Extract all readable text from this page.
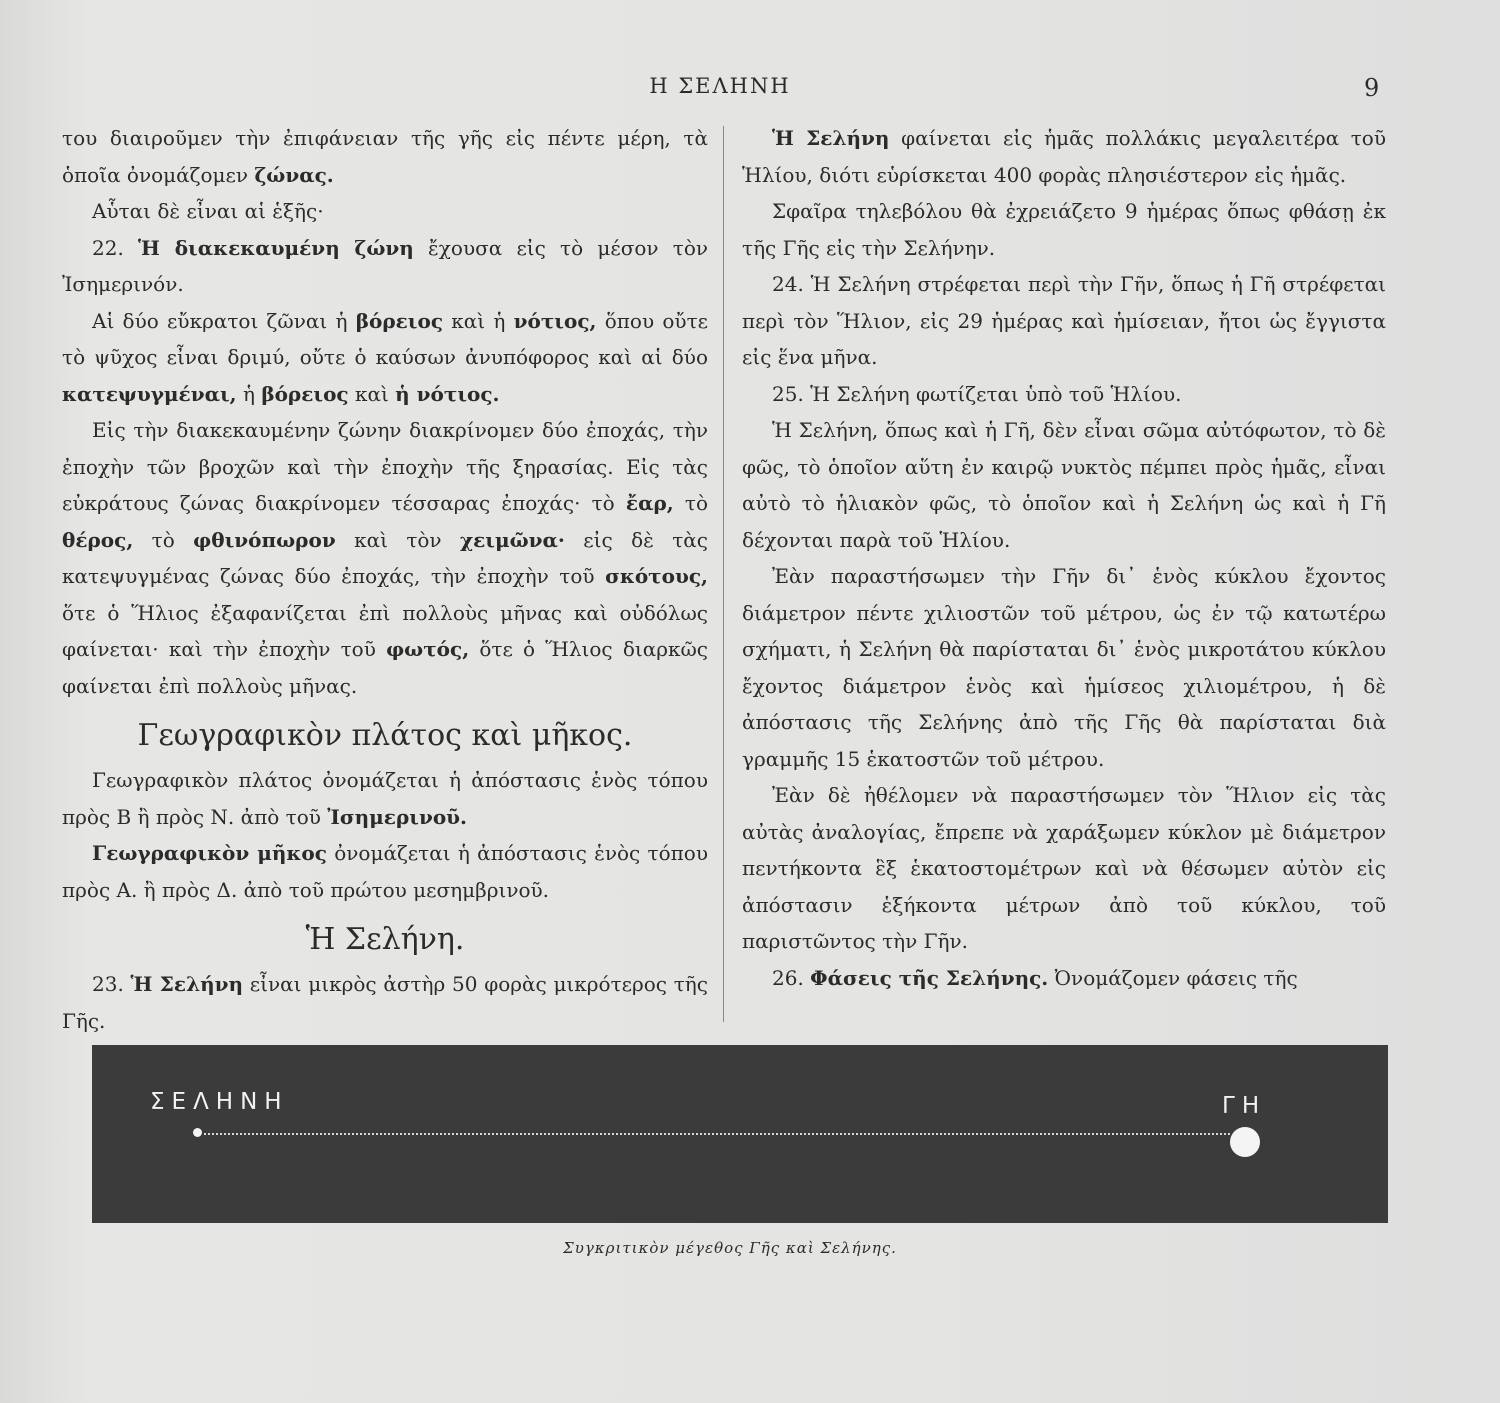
Η ΣΕΛΗΝΗ	9

του διαιροῦμεν τὴν ἐπιφάνειαν τῆς γῆς εἰς πέντε μέρη, τὰ ὁποῖα ὀνομάζομεν ζώνας.

Αὗται δὲ εἶναι αἱ ἑξῆς·

22. Ἡ διακεκαυμένη ζώνη ἔχουσα εἰς τὸ μέσον τὸν Ἰσημερινόν.

Αἱ δύο εὔκρατοι ζῶναι ἡ βόρειος καὶ ἡ νότιος, ὅπου οὔτε τὸ ψῦχος εἶναι δριμύ, οὔτε ὁ καύσων ἀνυπόφορος καὶ αἱ δύο κατεψυγμέναι, ἡ βόρειος καὶ ἡ νότιος.

Εἰς τὴν διακεκαυμένην ζώνην διακρίνομεν δύο ἐποχάς, τὴν ἐποχὴν τῶν βροχῶν καὶ τὴν ἐποχὴν τῆς ξηρασίας. Εἰς τὰς εὐκράτους ζώνας διακρίνομεν τέσσαρας ἐποχάς· τὸ ἔαρ, τὸ θέρος, τὸ φθινόπωρον καὶ τὸν χειμῶνα· εἰς δὲ τὰς κατεψυγμένας ζώνας δύο ἐποχάς, τὴν ἐποχὴν τοῦ σκότους, ὅτε ὁ Ἥλιος ἐξαφανίζεται ἐπὶ πολλοὺς μῆνας καὶ οὐδόλως φαίνεται· καὶ τὴν ἐποχὴν τοῦ φωτός, ὅτε ὁ Ἥλιος διαρκῶς φαίνεται ἐπὶ πολλοὺς μῆνας.

Γεωγραφικὸν πλάτος καὶ μῆκος.

Γεωγραφικὸν πλάτος ὀνομάζεται ἡ ἀπόστασις ἑνὸς τόπου πρὸς Β ἢ πρὸς Ν. ἀπὸ τοῦ Ἰσημερινοῦ.

Γεωγραφικὸν μῆκος ὀνομάζεται ἡ ἀπόστασις ἑνὸς τόπου πρὸς Α. ἢ πρὸς Δ. ἀπὸ τοῦ πρώτου μεσημβρινοῦ.

Ἡ Σελήνη.

23. Ἡ Σελήνη εἶναι μικρὸς ἀστὴρ 50 φορὰς μικρότερος τῆς Γῆς.

Ἡ Σελήνη φαίνεται εἰς ἡμᾶς πολλάκις μεγαλειτέρα τοῦ Ἡλίου, διότι εὑρίσκεται 400 φορὰς πλησιέστερον εἰς ἡμᾶς.

Σφαῖρα τηλεβόλου θὰ ἐχρειάζετο 9 ἡμέρας ὅπως φθάσῃ ἐκ τῆς Γῆς εἰς τὴν Σελήνην.

24. Ἡ Σελήνη στρέφεται περὶ τὴν Γῆν, ὅπως ἡ Γῆ στρέφεται περὶ τὸν Ἥλιον, εἰς 29 ἡμέρας καὶ ἡμίσειαν, ἤτοι ὡς ἔγγιστα εἰς ἕνα μῆνα.

25. Ἡ Σελήνη φωτίζεται ὑπὸ τοῦ Ἡλίου.

Ἡ Σελήνη, ὅπως καὶ ἡ Γῆ, δὲν εἶναι σῶμα αὐτόφωτον, τὸ δὲ φῶς, τὸ ὁποῖον αὕτη ἐν καιρῷ νυκτὸς πέμπει πρὸς ἡμᾶς, εἶναι αὐτὸ τὸ ἡλιακὸν φῶς, τὸ ὁποῖον καὶ ἡ Σελήνη ὡς καὶ ἡ Γῆ δέχονται παρὰ τοῦ Ἡλίου.

Ἐὰν παραστήσωμεν τὴν Γῆν δι᾽ ἑνὸς κύκλου ἔχοντος διάμετρον πέντε χιλιοστῶν τοῦ μέτρου, ὡς ἐν τῷ κατωτέρω σχήματι, ἡ Σελήνη θὰ παρίσταται δι᾽ ἑνὸς μικροτάτου κύκλου ἔχοντος διάμετρον ἑνὸς καὶ ἡμίσεος χιλιομέτρου, ἡ δὲ ἀπόστασις τῆς Σελήνης ἀπὸ τῆς Γῆς θὰ παρίσταται διὰ γραμμῆς 15 ἑκατοστῶν τοῦ μέτρου.

Ἐὰν δὲ ἠθέλομεν νὰ παραστήσωμεν τὸν Ἥλιον εἰς τὰς αὐτὰς ἀναλογίας, ἔπρεπε νὰ χαράξωμεν κύκλον μὲ διάμετρον πεντήκοντα ἓξ ἑκατοστομέτρων καὶ νὰ θέσωμεν αὐτὸν εἰς ἀπόστασιν ἑξήκοντα μέτρων ἀπὸ τοῦ κύκλου, τοῦ παριστῶντος τὴν Γῆν.

26. Φάσεις τῆς Σελήνης. Ὀνομάζομεν φάσεις τῆς

ΣΕΛΗΝΗ	ΓΗ
Συγκριτικὸν μέγεθος Γῆς καὶ Σελήνης.
